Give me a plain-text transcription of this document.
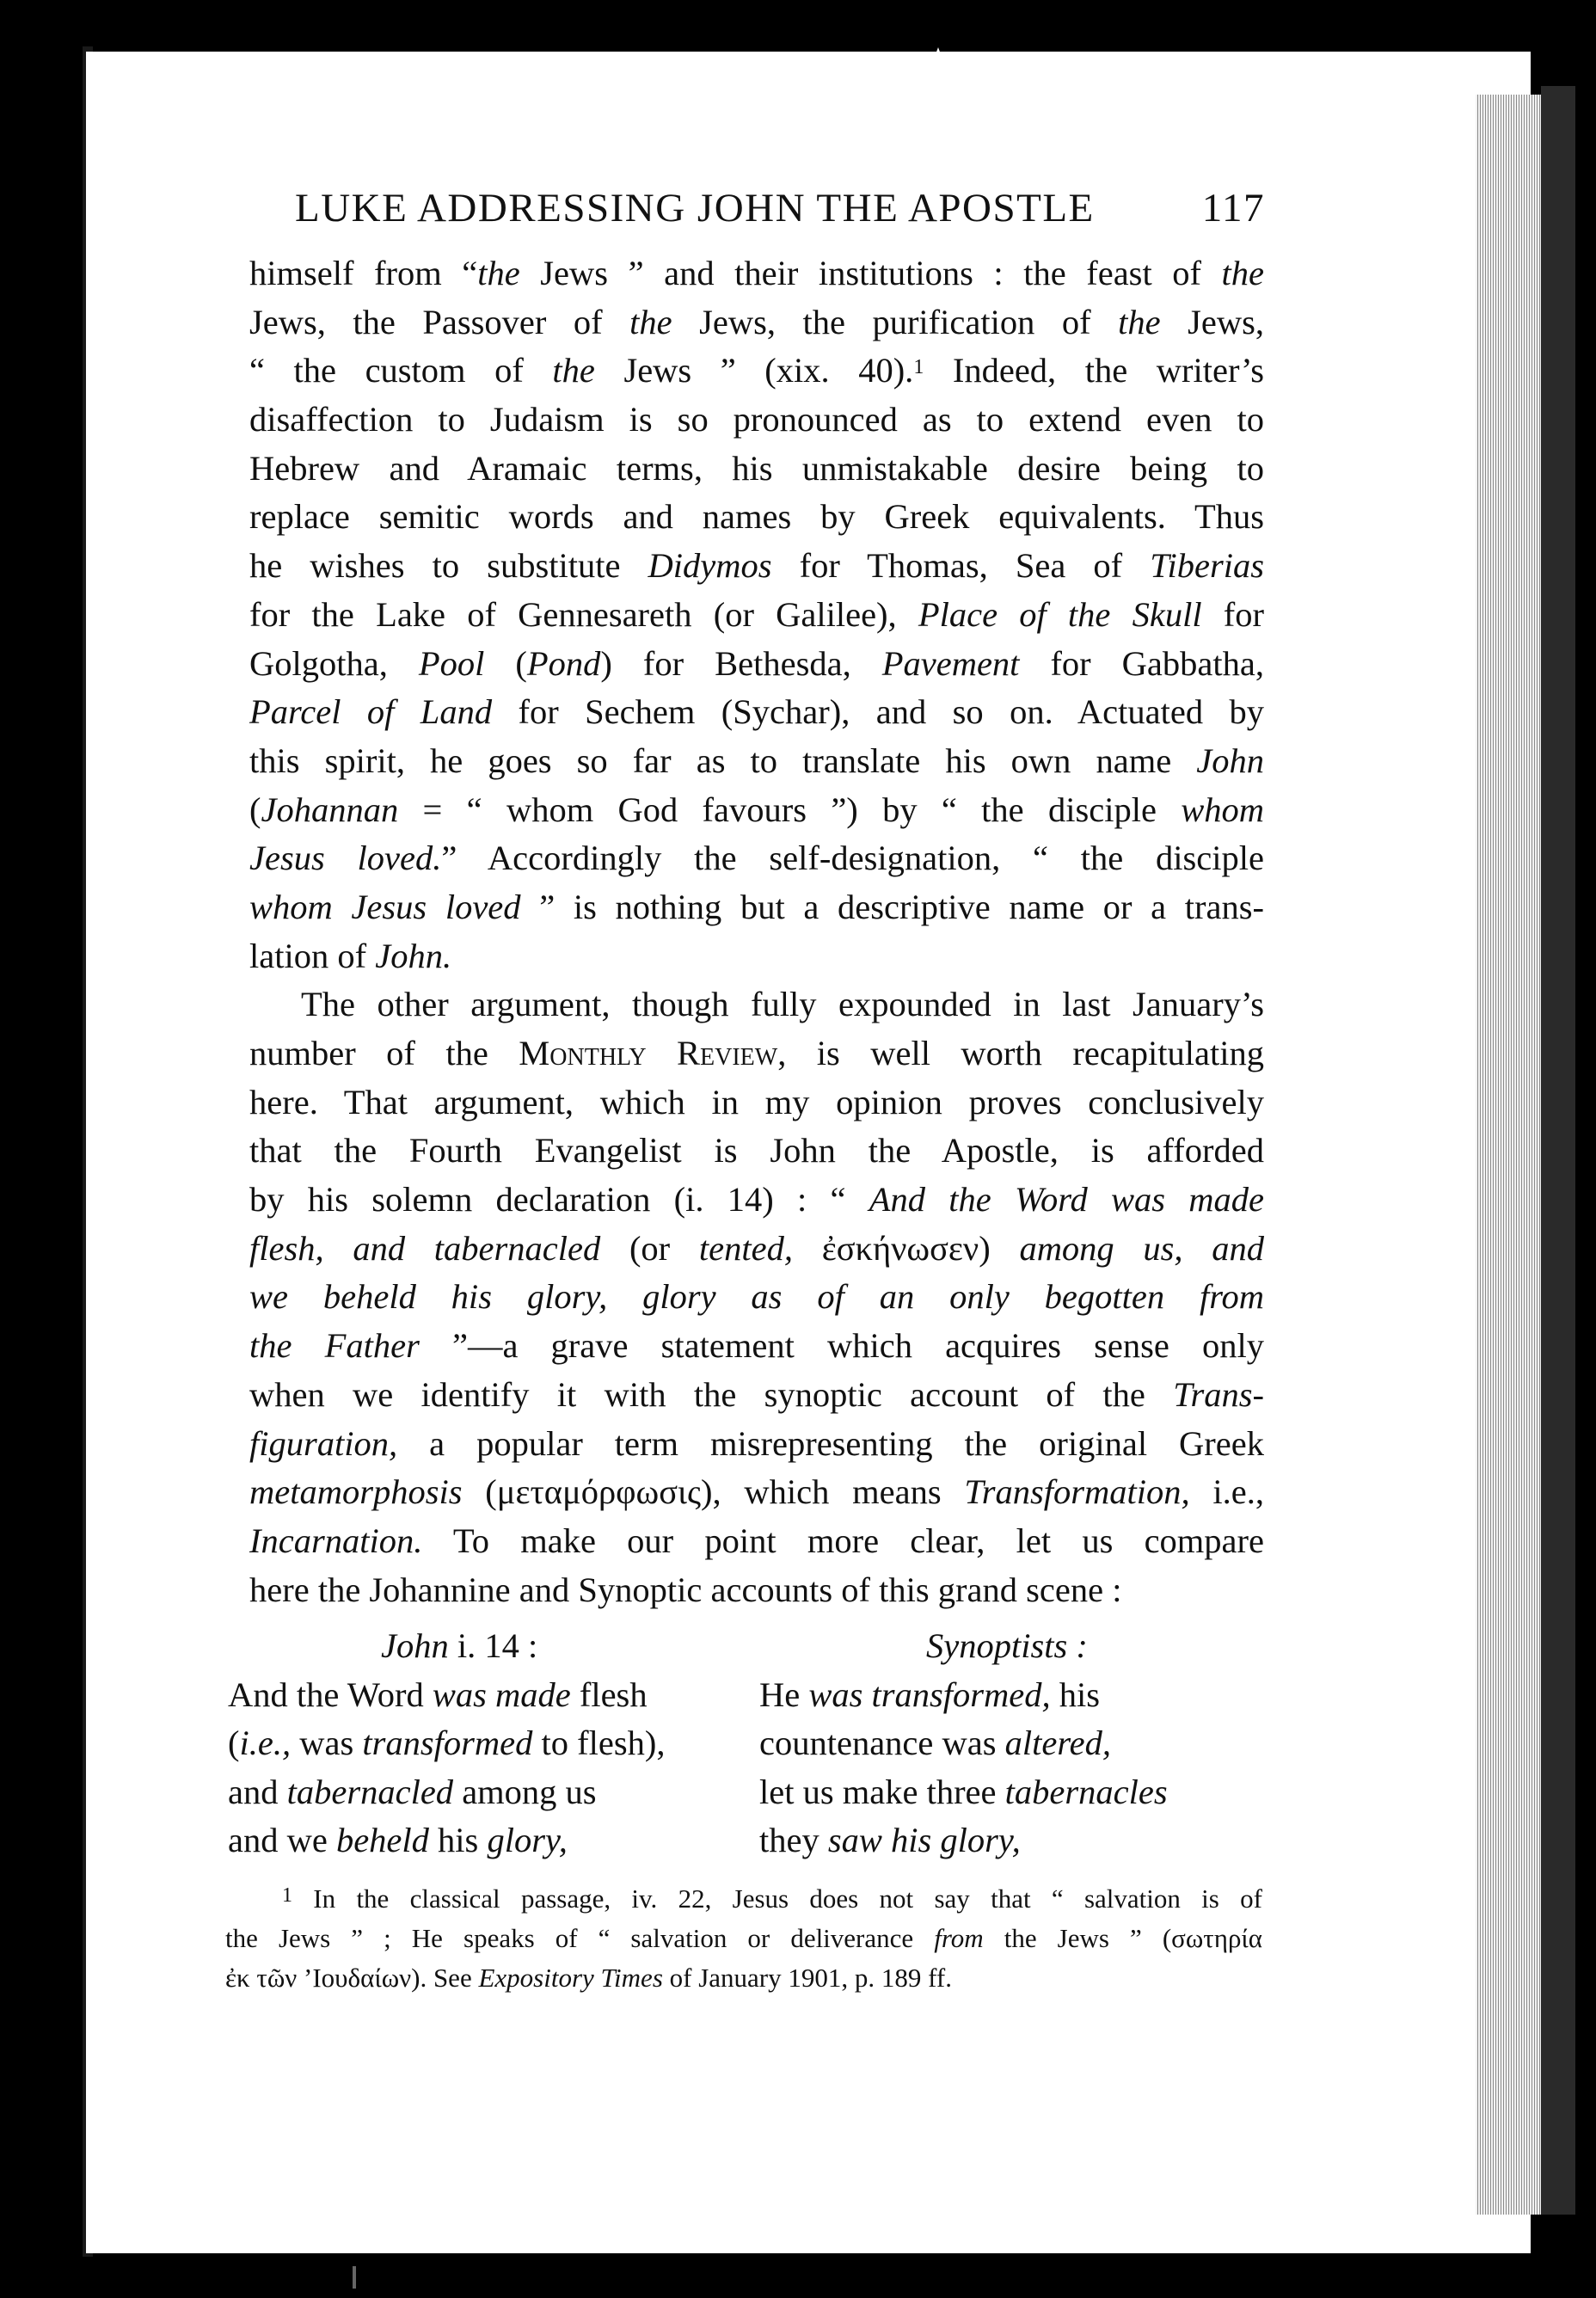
LUKE ADDRESSING JOHN THE APOSTLE	117
himself from “the Jews ” and their institutions : the feast of the
Jews, the Passover of the Jews, the purification of the Jews,
“ the custom of the Jews ” (xix. 40).$^1$ Indeed, the writer’s
disaffection to Judaism is so pronounced as to extend even to
Hebrew and Aramaic terms, his unmistakable desire being to
replace semitic words and names by Greek equivalents. Thus
he wishes to substitute Didymos for Thomas, Sea of Tiberias
for the Lake of Gennesareth (or Galilee), Place of the Skull for
Golgotha, Pool (Pond) for Bethesda, Pavement for Gabbatha,
Parcel of Land for Sechem (Sychar), and so on. Actuated by
this spirit, he goes so far as to translate his own name John
(Johannan = “ whom God favours ”) by “ the disciple whom
Jesus loved.” Accordingly the self-designation, “ the disciple
whom Jesus loved ” is nothing but a descriptive name or a trans-
lation of John.
The other argument, though fully expounded in last January’s
number of the Monthly Review, is well worth recapitulating
here. That argument, which in my opinion proves conclusively
that the Fourth Evangelist is John the Apostle, is afforded
by his solemn declaration (i. 14) : “ And the Word was made
flesh, and tabernacled (or tented, ἐσκήνωσεν) among us, and
we beheld his glory, glory as of an only begotten from
the Father ”—a grave statement which acquires sense only
when we identify it with the synoptic account of the Trans-
figuration, a popular term misrepresenting the original Greek
metamorphosis (μεταμόρφωσις), which means Transformation, i.e.,
Incarnation. To make our point more clear, let us compare
here the Johannine and Synoptic accounts of this grand scene :
John i. 14 :
And the Word was made flesh
(i.e., was transformed to flesh),
and tabernacled among us
and we beheld his glory,
Synoptists :
He was transformed, his
countenance was altered,
let us make three tabernacles
they saw his glory,
$^1$ In the classical passage, iv. 22, Jesus does not say that “ salvation is of
the Jews ” ; He speaks of “ salvation or deliverance from the Jews ” (σωτηρία
ἐκ τῶν ’Ιουδαίων). See Expository Times of January 1901, p. 189 ff.
